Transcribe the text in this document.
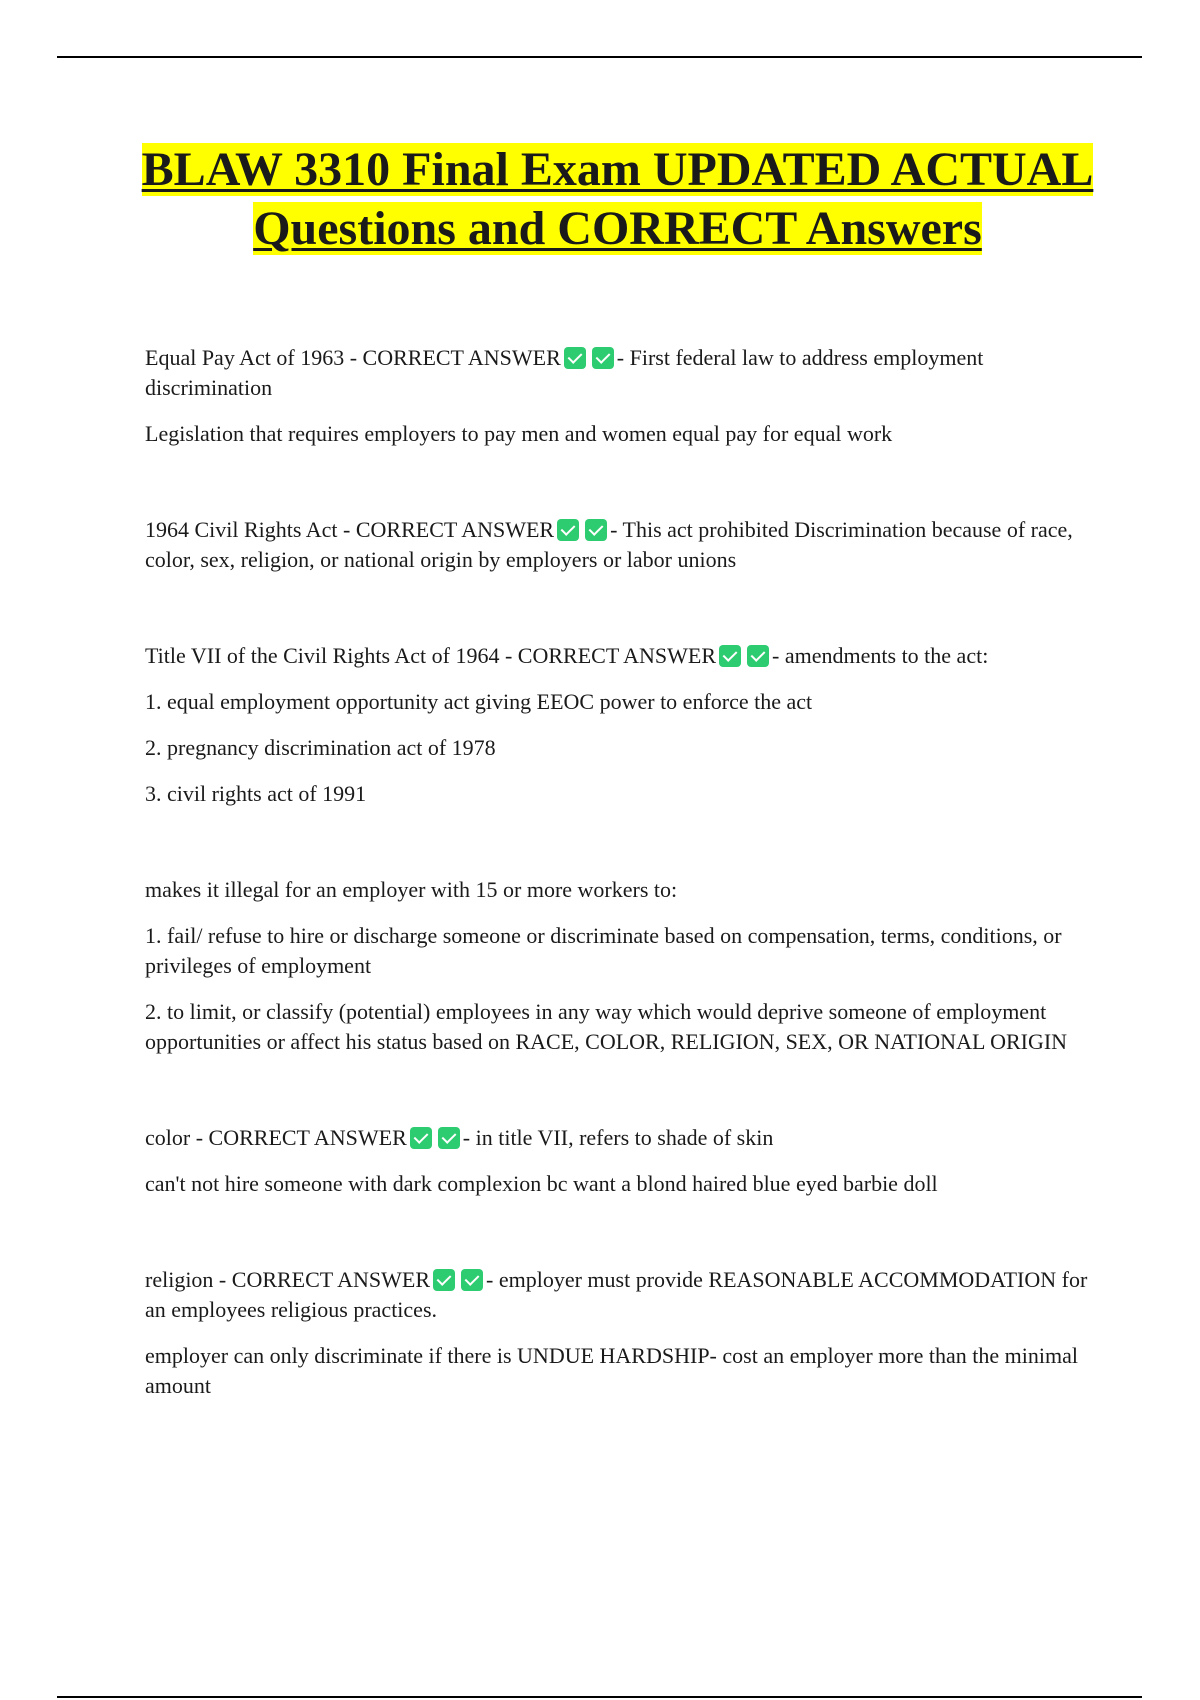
BLAW 3310 Final Exam UPDATED ACTUAL Questions and CORRECT Answers

Equal Pay Act of 1963 - CORRECT ANSWER	- First federal law to address employment discrimination

Legislation that requires employers to pay men and women equal pay for equal work

1964 Civil Rights Act - CORRECT ANSWER	- This act prohibited Discrimination because of race, color, sex, religion, or national origin by employers or labor unions

Title VII of the Civil Rights Act of 1964 - CORRECT ANSWER	- amendments to the act:

1. equal employment opportunity act giving EEOC power to enforce the act

2. pregnancy discrimination act of 1978

3. civil rights act of 1991

makes it illegal for an employer with 15 or more workers to:

1. fail/ refuse to hire or discharge someone or discriminate based on compensation, terms, conditions, or privileges of employment

2. to limit, or classify (potential) employees in any way which would deprive someone of employment opportunities or affect his status based on RACE, COLOR, RELIGION, SEX, OR NATIONAL ORIGIN

color - CORRECT ANSWER	- in title VII, refers to shade of skin

can't not hire someone with dark complexion bc want a blond haired blue eyed barbie doll

religion - CORRECT ANSWER	- employer must provide REASONABLE ACCOMMODATION for an employees religious practices.

employer can only discriminate if there is UNDUE HARDSHIP- cost an employer more than the minimal amount
